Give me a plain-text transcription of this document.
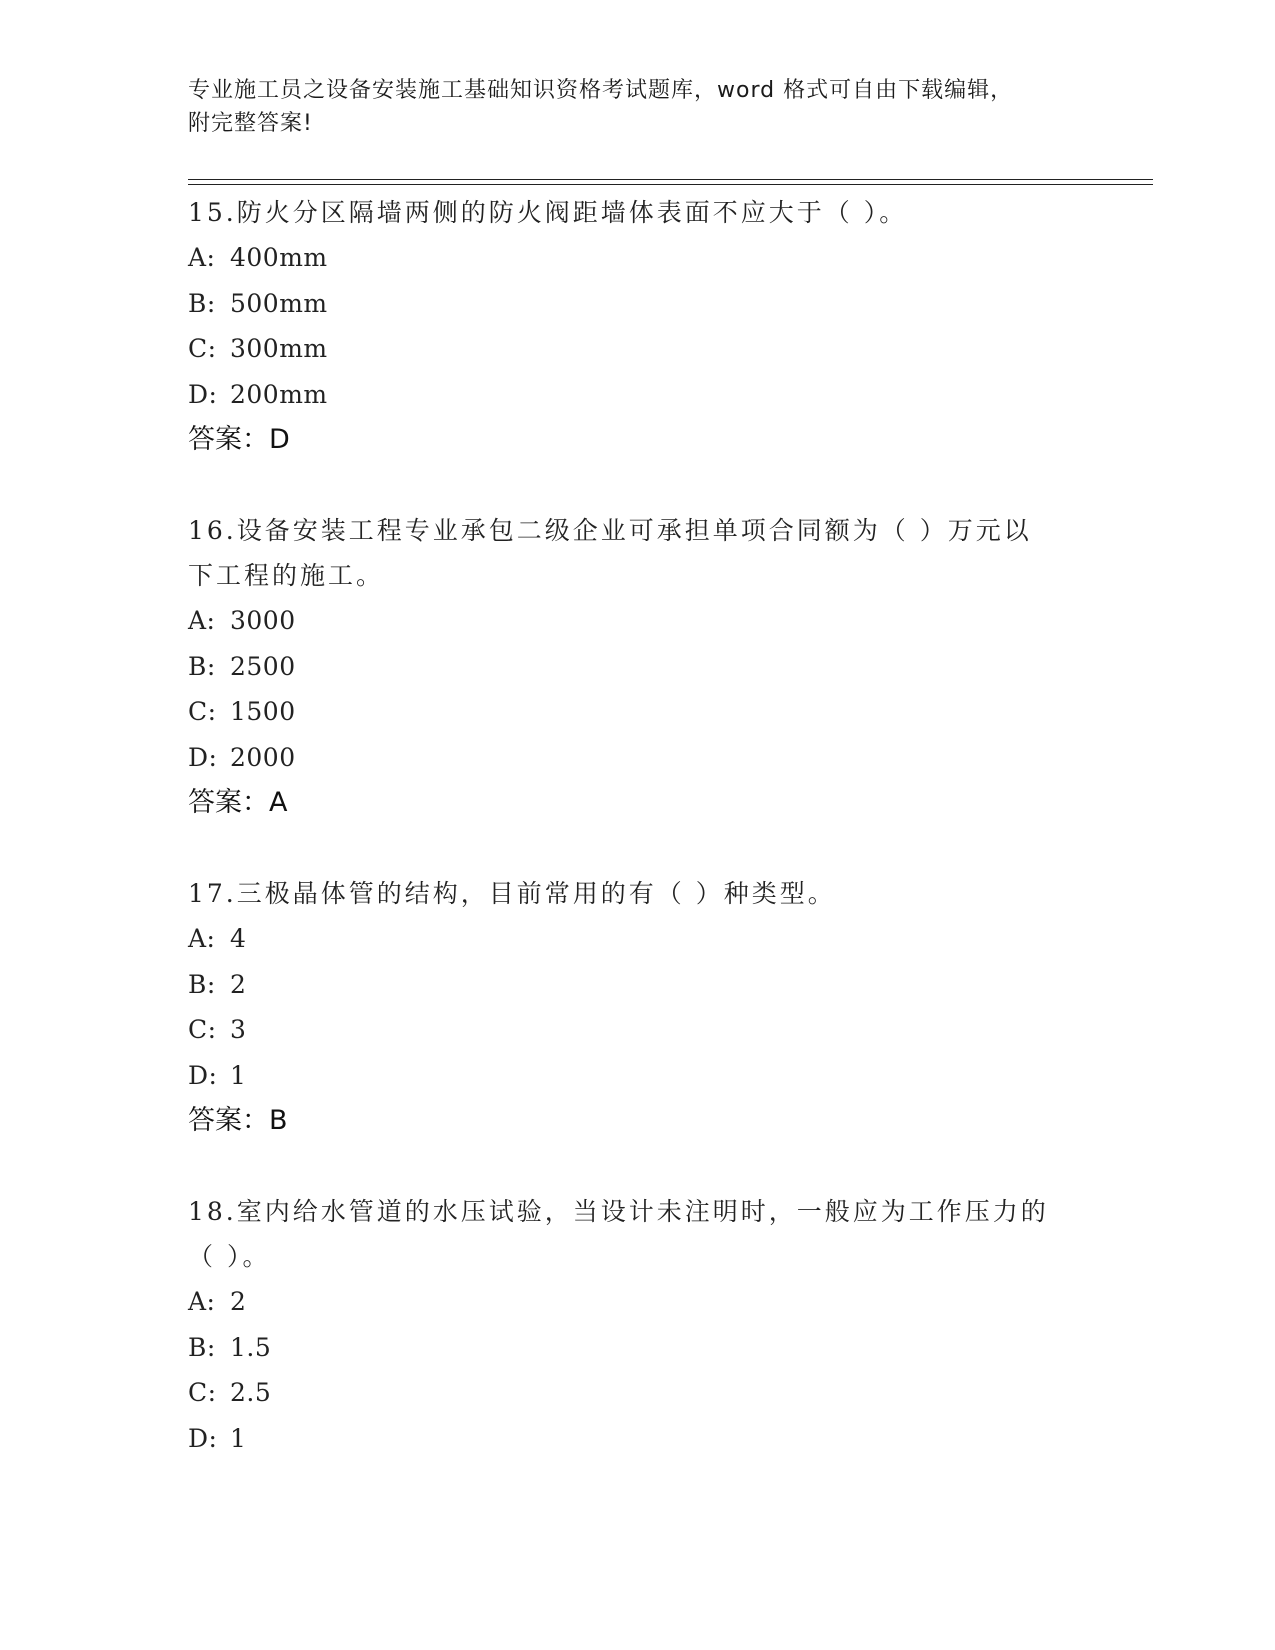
专业施工员之设备安装施工基础知识资格考试题库，word 格式可自由下载编辑，
附完整答案!
15.防火分区隔墙两侧的防火阀距墙体表面不应大于（ ）。
A: 400mm
B: 500mm
C: 300mm
D: 200mm
答案：D
16.设备安装工程专业承包二级企业可承担单项合同额为（ ）万元以
下工程的施工。
A: 3000
B: 2500
C: 1500
D: 2000
答案：A
17.三极晶体管的结构，目前常用的有（ ）种类型。
A: 4
B: 2
C: 3
D: 1
答案：B
18.室内给水管道的水压试验，当设计未注明时，一般应为工作压力的
（ ）。
A: 2
B: 1.5
C: 2.5
D: 1
